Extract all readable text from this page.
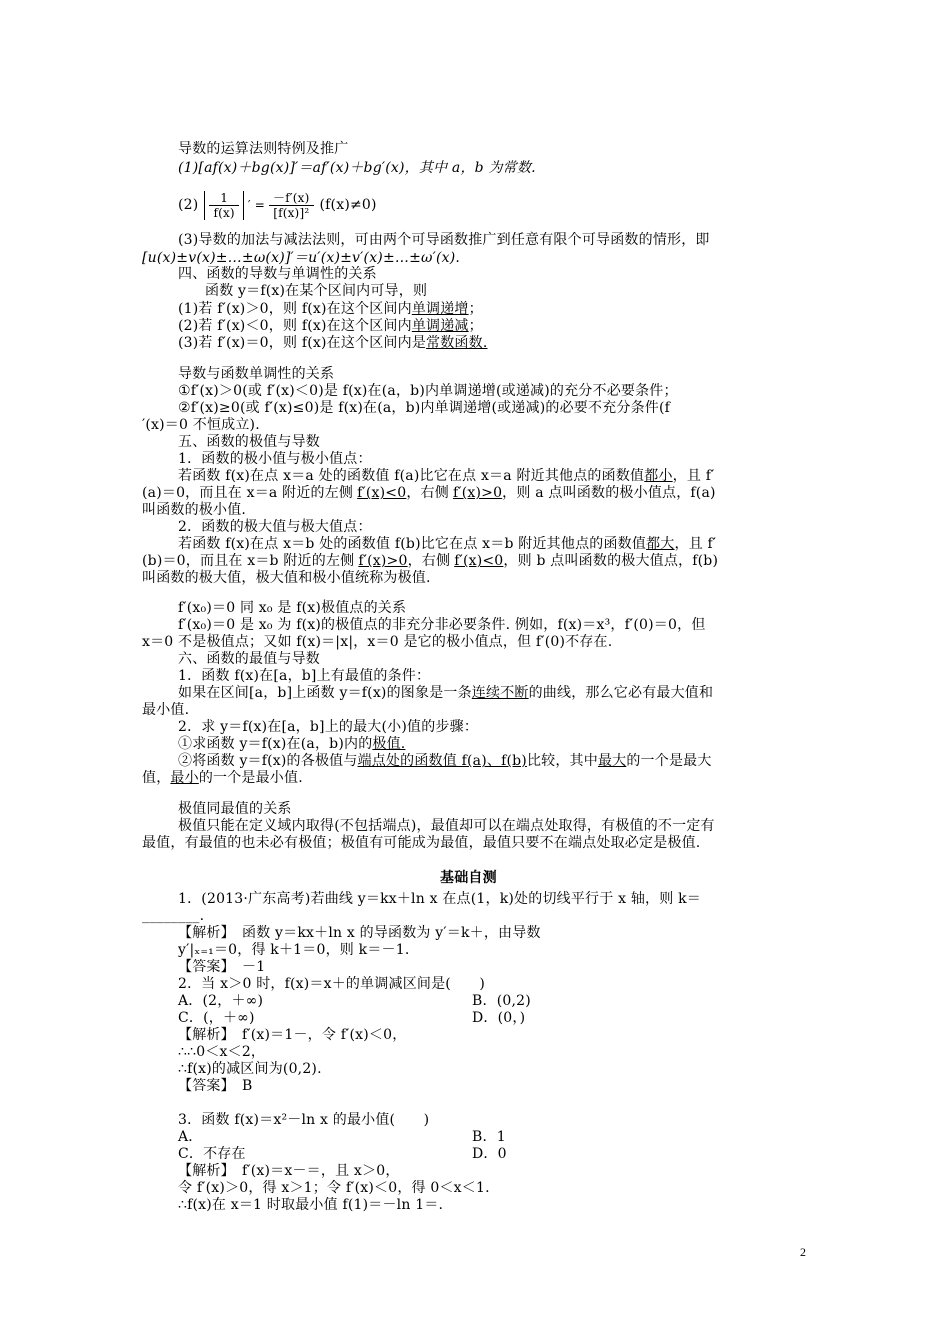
导数的运算法则特例及推广
(1)[af(x)＋bg(x)]′＝af′(x)＋bg′(x)，其中 a，b 为常数.
$(2) \frac{1}{f(x)}$ ′ = $\frac{-f'(x)}{\text{[f(x)]²}} (f(x)\ne 0)$
(3)导数的加法与减法法则，可由两个可导函数推广到任意有限个可导函数的情形，即
[u(x)±v(x)±…±ω(x)]′＝u′(x)±v′(x)±…±ω′(x).
四、函数的导数与单调性的关系
函数 y＝f(x)在某个区间内可导，则
(1)若 f′(x)＞0，则 f(x)在这个区间内单调递增；
(2)若 f′(x)＜0，则 f(x)在这个区间内单调递减；
(3)若 f′(x)＝0，则 f(x)在这个区间内是常数函数.
导数与函数单调性的关系
①f′(x)＞0(或 f′(x)＜0)是 f(x)在(a，b)内单调递增(或递减)的充分不必要条件；
②f′(x)≥0(或 f′(x)≤0)是 f(x)在(a，b)内单调递增(或递减)的必要不充分条件(f
′(x)＝0 不恒成立).
五、函数的极值与导数
1．函数的极小值与极小值点：
若函数 f(x)在点 x＝a 处的函数值 f(a)比它在点 x＝a 附近其他点的函数值都小，且 f′
(a)＝0，而且在 x＝a 附近的左侧 f′(x)<0，右侧 f′(x)>0，则 a 点叫函数的极小值点，f(a)
叫函数的极小值.
2．函数的极大值与极大值点：
若函数 f(x)在点 x＝b 处的函数值 f(b)比它在点 x＝b 附近其他点的函数值都大，且 f′
(b)＝0，而且在 x＝b 附近的左侧 f′(x)>0，右侧 f′(x)<0，则 b 点叫函数的极大值点，f(b)
叫函数的极大值，极大值和极小值统称为极值.
f′(x₀)＝0 同 x₀ 是 f(x)极值点的关系
f′(x₀)＝0 是 x₀ 为 f(x)的极值点的非充分非必要条件. 例如，f(x)＝x³，f′(0)＝0，但
x＝0 不是极值点；又如 f(x)＝|x|，x＝0 是它的极小值点，但 f′(0)不存在.
六、函数的最值与导数
1．函数 f(x)在[a，b]上有最值的条件：
如果在区间[a，b]上函数 y＝f(x)的图象是一条连续不断的曲线，那么它必有最大值和
最小值.
2．求 y＝f(x)在[a，b]上的最大(小)值的步骤：
①求函数 y＝f(x)在(a，b)内的极值.
②将函数 y＝f(x)的各极值与端点处的函数值 f(a)、f(b)比较，其中最大的一个是最大
值，最小的一个是最小值.
极值同最值的关系
极值只能在定义域内取得(不包括端点)，最值却可以在端点处取得，有极值的不一定有
最值，有最值的也未必有极值；极值有可能成为最值，最值只要不在端点处取必定是极值.
基础自测
1．(2013·广东高考)若曲线 y＝kx＋ln x 在点(1，k)处的切线平行于 x 轴，则 k＝
________.
【解析】　函数 y＝kx＋ln x 的导函数为 y′＝k＋，由导数
y′|ₓ₌₁＝0，得 k＋1＝0，则 k＝－1.
【答案】　－1
2．当 x＞0 时，f(x)＝x＋的单调减区间是(　　)
A．(2，＋∞)	B．(0,2)
C．(，＋∞)	D．(0，)
【解析】　f′(x)＝1－，令 f′(x)＜0，
∴∴0＜x＜2，
∴f(x)的减区间为(0,2).
【答案】　B
3．函数 f(x)＝x²－ln x 的最小值(　　)
A．	B．1
C．不存在	D．0
【解析】　f′(x)＝x－＝，且 x＞0，
令 f′(x)＞0，得 x＞1；令 f′(x)＜0，得 0＜x＜1.
∴f(x)在 x＝1 时取最小值 f(1)＝－ln 1＝.
2
